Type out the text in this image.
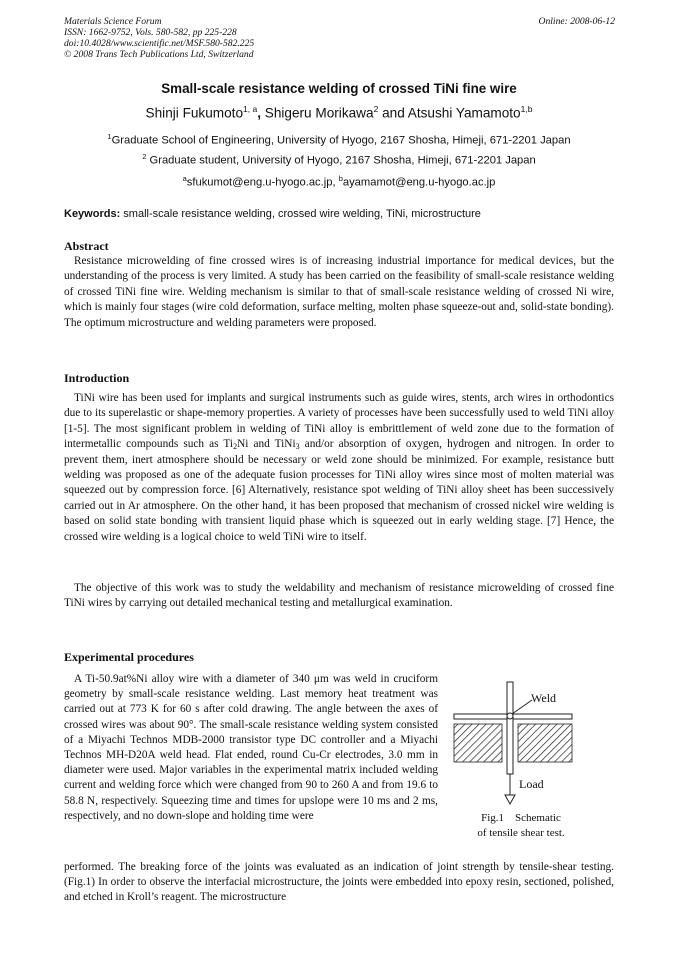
Materials Science Forum
ISSN: 1662-9752, Vols. 580-582, pp 225-228
doi:10.4028/www.scientific.net/MSF.580-582.225
© 2008 Trans Tech Publications Ltd, Switzerland
Online: 2008-06-12
Small-scale resistance welding of crossed TiNi fine wire
Shinji Fukumoto$^{1, a}$, Shigeru Morikawa$^2$ and Atsushi Yamamoto$^{1,b}$
$^1$Graduate School of Engineering, University of Hyogo, 2167 Shosha, Himeji, 671-2201 Japan
$^2$ Graduate student, University of Hyogo, 2167 Shosha, Himeji, 671-2201 Japan
$^a$sfukumot@eng.u-hyogo.ac.jp, $^b$ayamamot@eng.u-hyogo.ac.jp
Keywords: small-scale resistance welding, crossed wire welding, TiNi, microstructure
Abstract

Resistance microwelding of fine crossed wires is of increasing industrial importance for medical devices, but the understanding of the process is very limited. A study has been carried on the feasibility of small-scale resistance welding of crossed TiNi fine wire. Welding mechanism is similar to that of small-scale resistance welding of crossed Ni wire, which is mainly four stages (wire cold deformation, surface melting, molten phase squeeze-out and, solid-state bonding). The optimum microstructure and welding parameters were proposed.

Introduction

TiNi wire has been used for implants and surgical instruments such as guide wires, stents, arch wires in orthodontics due to its superelastic or shape-memory properties. A variety of processes have been successfully used to weld TiNi alloy [1-5]. The most significant problem in welding of TiNi alloy is embrittlement of weld zone due to the formation of intermetallic compounds such as $Ti_2Ni$ and TiNi$_3$ and/or absorption of oxygen, hydrogen and nitrogen. In order to prevent them, inert atmosphere should be necessary or weld zone should be minimized. For example, resistance butt welding was proposed as one of the adequate fusion processes for TiNi alloy wires since most of molten material was squeezed out by compression force. [6] Alternatively, resistance spot welding of TiNi alloy sheet has been successively carried out in Ar atmosphere. On the other hand, it has been proposed that mechanism of crossed nickel wire welding is based on solid state bonding with transient liquid phase which is squeezed out in early welding stage. [7] Hence, the crossed wire welding is a logical choice to weld TiNi wire to itself.

The objective of this work was to study the weldability and mechanism of resistance microwelding of crossed fine TiNi wires by carrying out detailed mechanical testing and metallurgical examination.

Experimental procedures

A Ti-50.9at%Ni alloy wire with a diameter of 340 μm was weld in cruciform geometry by small-scale resistance welding. Last memory heat treatment was carried out at 773 K for 60 s after cold drawing. The angle between the axes of crossed wires was about 90°. The small-scale resistance welding system consisted of a Miyachi Technos MDB-2000 transistor type DC controller and a Miyachi Technos MH-D20A weld head. Flat ended, round Cu-Cr electrodes, 3.0 mm in diameter were used. Major variables in the experimental matrix included welding current and welding force which were changed from 90 to 260 A and from 19.6 to 58.8 N, respectively. Squeezing time and times for upslope were 10 ms and 2 ms, respectively, and no down-slope and holding time were

performed. The breaking force of the joints was evaluated as an indication of joint strength by tensile-shear testing. (Fig.1) In order to observe the interfacial microstructure, the joints were embedded into epoxy resin, sectioned, polished, and etched in Kroll’s reagent. The microstructure

Weld
Load
Fig.1    Schematic
of tensile shear test.
